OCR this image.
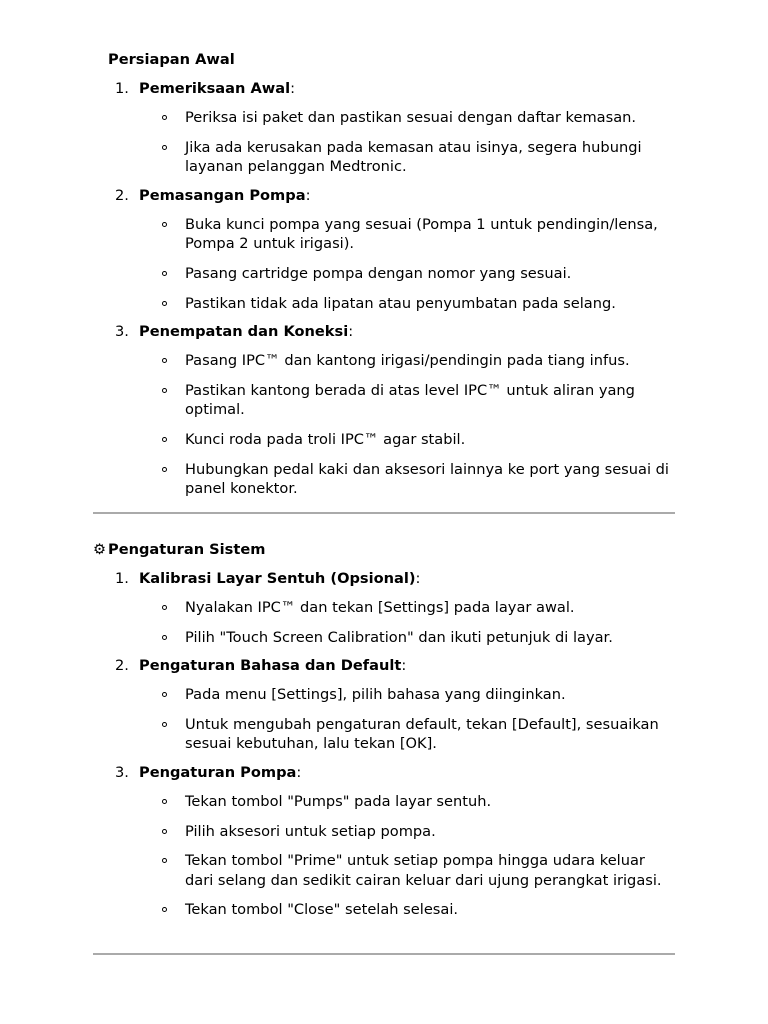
Persiapan Awal
1. Pemeriksaan Awal:
Periksa isi paket dan pastikan sesuai dengan daftar kemasan.
Jika ada kerusakan pada kemasan atau isinya, segera hubungi layanan pelanggan Medtronic.
2. Pemasangan Pompa:
Buka kunci pompa yang sesuai (Pompa 1 untuk pendingin/lensa, Pompa 2 untuk irigasi).
Pasang cartridge pompa dengan nomor yang sesuai.
Pastikan tidak ada lipatan atau penyumbatan pada selang.
3. Penempatan dan Koneksi:
Pasang IPC™ dan kantong irigasi/pendingin pada tiang infus.
Pastikan kantong berada di atas level IPC™ untuk aliran yang optimal.
Kunci roda pada troli IPC™ agar stabil.
Hubungkan pedal kaki dan aksesori lainnya ke port yang sesuai di panel konektor.
⚙ Pengaturan Sistem
1. Kalibrasi Layar Sentuh (Opsional):
Nyalakan IPC™ dan tekan [Settings] pada layar awal.
Pilih "Touch Screen Calibration" dan ikuti petunjuk di layar.
2. Pengaturan Bahasa dan Default:
Pada menu [Settings], pilih bahasa yang diinginkan.
Untuk mengubah pengaturan default, tekan [Default], sesuaikan sesuai kebutuhan, lalu tekan [OK].
3. Pengaturan Pompa:
Tekan tombol "Pumps" pada layar sentuh.
Pilih aksesori untuk setiap pompa.
Tekan tombol "Prime" untuk setiap pompa hingga udara keluar dari selang dan sedikit cairan keluar dari ujung perangkat irigasi.
Tekan tombol "Close" setelah selesai.
